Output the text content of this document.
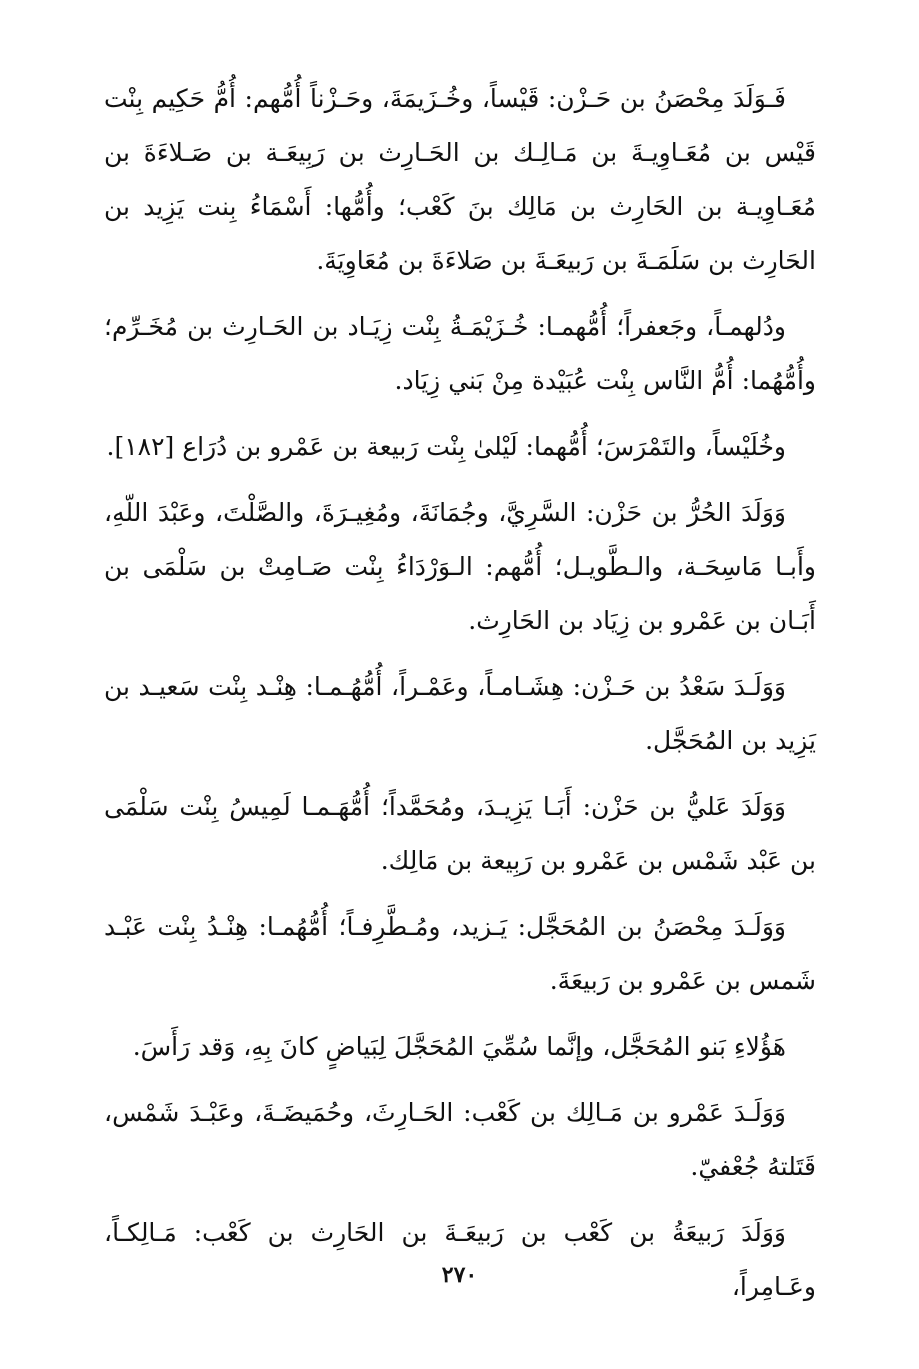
فَـوَلَدَ مِحْصَنُ بن حَـزْن: قَيْساً، وخُـزَيمَةَ، وحَـزْناً أُمُّهم: أُمُّ حَكِيم بِنْت قَيْس بن مُعَـاوِيـةَ بن مَـالِـك بن الحَـارِث بن رَبِيعَـة بن صَـلاءَةَ بن مُعَـاوِيـة بن الحَارِث بن مَالِك بنَ كَعْب؛ وأُمُّها: أَسْمَاءُ بِنت يَزِيد بن الحَارِث بن سَلَمَـةَ بن رَبيعَـةَ بن صَلاءَةَ بن مُعَاوِيَةَ.

ودُلهمـاً، وجَعفراً؛ أُمُّهمـا: خُـزَيْمَـةُ بِنْت زِيَـاد بن الحَـارِث بن مُخَـرِّم؛ وأُمُّهُما: أُمُّ النَّاس بِنْت عُبَيْدة مِنْ بَني زِيَاد.

وخُلَيْساً، والتَمْرَسَ؛ أُمُّهما: لَيْلىٰ بِنْت رَبيعة بن عَمْرو بن دُرَاع [١٨٢].

وَوَلَدَ الحُرُّ بن حَزْن: السَّرِيَّ، وجُمَانَةَ، ومُغِيـرَةَ، والصَّلْتَ، وعَبْدَ اللّهِ، وأَبـا مَاسِحَـة، والـطَّويـل؛ أُمُّهم: الـوَرْدَاءُ بِنْت صَـامِتْ بن سَلْمَى بن أَبَـان بن عَمْرو بن زِيَاد بن الحَارِث.

وَوَلَـدَ سَعْدُ بن حَـزْن: هِشَـامـاً، وعَمْـراً، أُمُّهُـمـا: هِنْـد بِنْت سَعيـد بن يَزِيد بن المُحَجَّل.

وَوَلَدَ عَليُّ بن حَزْن: أَبَـا يَزِيـدَ، ومُحَمَّداً؛ أُمُّهَـمـا لَمِيسُ بِنْت سَلْمَى بن عَبْد شَمْس بن عَمْرو بن رَبِيعة بن مَالِك.

وَوَلَـدَ مِحْصَنُ بن المُحَجَّل: يَـزيد، ومُـطَّرِفـاً؛ أُمُّهُمـا: هِنْـدُ بِنْت عَبْـد شَمس بن عَمْرو بن رَبيعَةَ.

هَؤُلاءِ بَنو المُحَجَّل، وإنَّما سُمِّيَ المُحَجَّلَ لِبَياضٍ كانَ بِهِ، وَقد رَأَسَ.

وَوَلَـدَ عَمْرو بن مَـالِك بن كَعْب: الحَـارِثَ، وحُمَيضَـةَ، وعَبْـدَ شَمْس، قَتَلتهُ جُعْفيّ.

وَوَلَدَ رَبيعَةُ بن كَعْب بن رَبيعَـةَ بن الحَارِث بن كَعْب: مَـالِكـاً، وعَـامِراً،

٢٧٠
